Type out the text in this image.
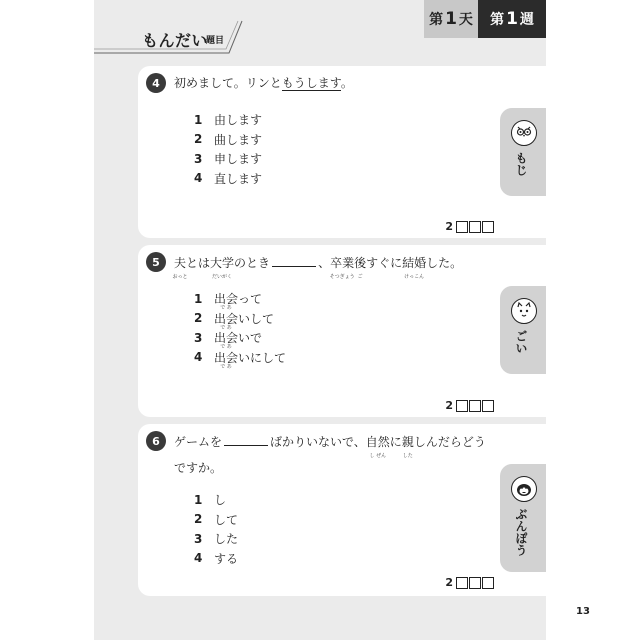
もんだい
題目
第 1 天 第 1 週
4	初めまして。リンともうします。
1 由します
2 曲します
3 申します
4 直します
2
5	夫
おっと
とは大学
だいがく
のとき	、卒業
そつぎょう
後
ご
すぐに結婚
けっこん
した。
1 出会
で あ
って
2 出会
で あ
いして
3 出会
で あ
いで
4 出会
で あ
いにして
2
6	ゲームを	ばかりいないで、自然
し ぜん
に親
した
しんだらどう
ですか。
1 し
2 して
3 した
4 する
2
もじ
ごい
ぶんぽう
13
